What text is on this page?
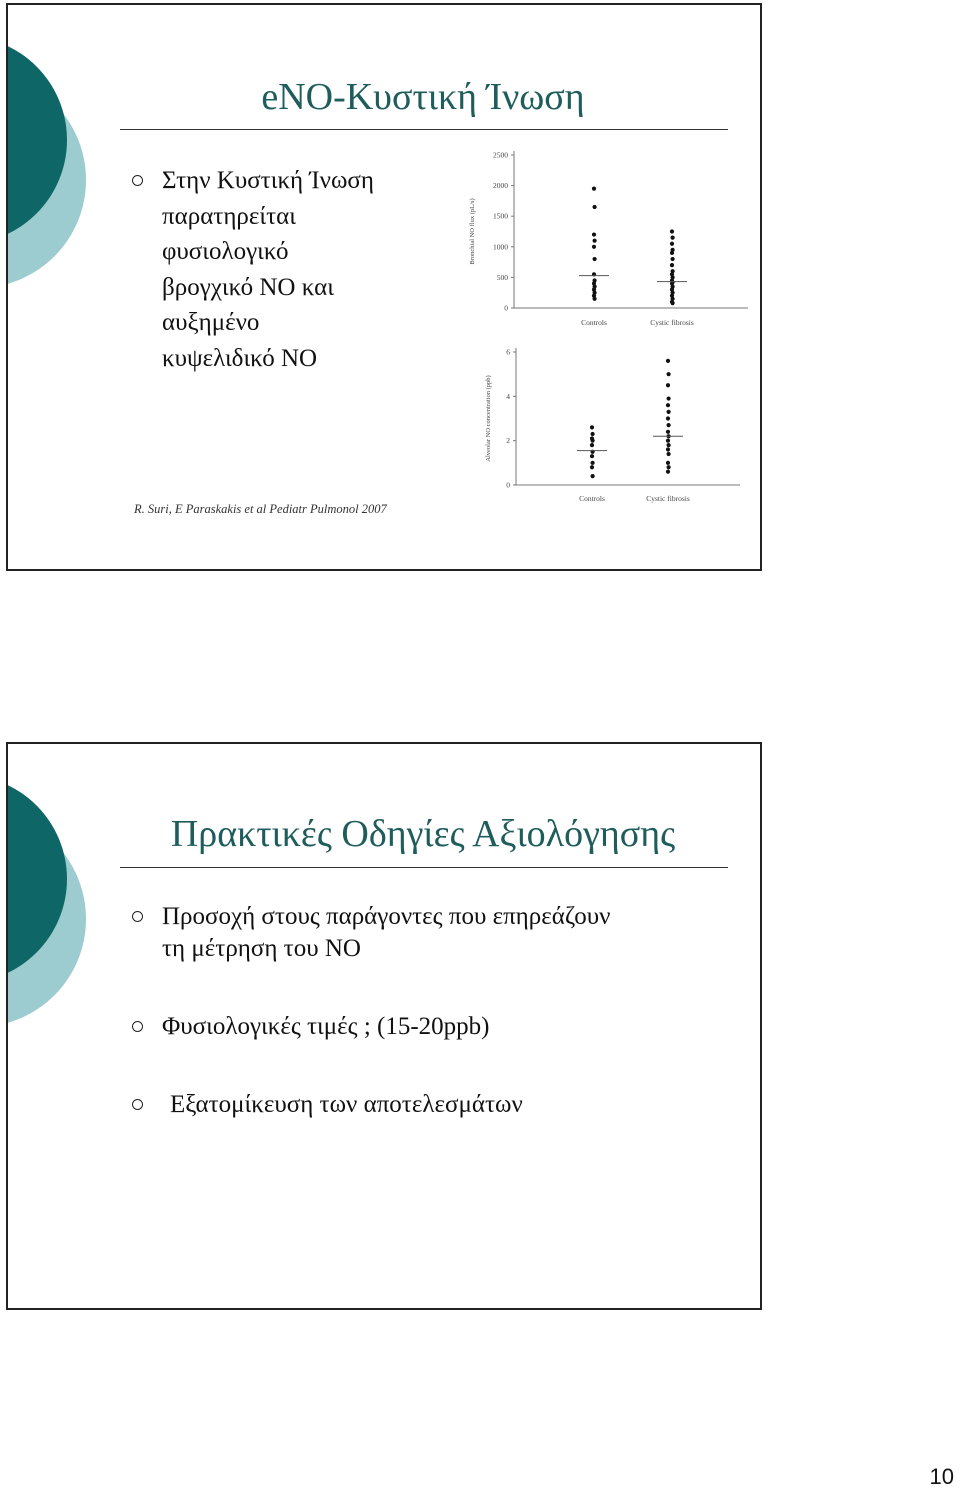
eNO-Κυστική Ίνωση
Στην Κυστική Ίνωση
παρατηρείται
φυσιολογικό
βρογχικό NO και
αυξημένο
κυψελιδικό NO
2500
2000
1500
1000
500
0
Bronchial NO flux (pL/s)
Controls	Cystic fibrosis
6
4
2
0
Alveolar NO concentration (ppb)
Controls	Cystic fibrosis
R. Suri, E Paraskakis et al Pediatr Pulmonol 2007
Πρακτικές Οδηγίες Αξιολόγησης
Προσοχή στους παράγοντες που επηρεάζουν
τη μέτρηση του NO
Φυσιολογικές τιμές ; (15-20ppb)
Εξατομίκευση των αποτελεσμάτων
10
